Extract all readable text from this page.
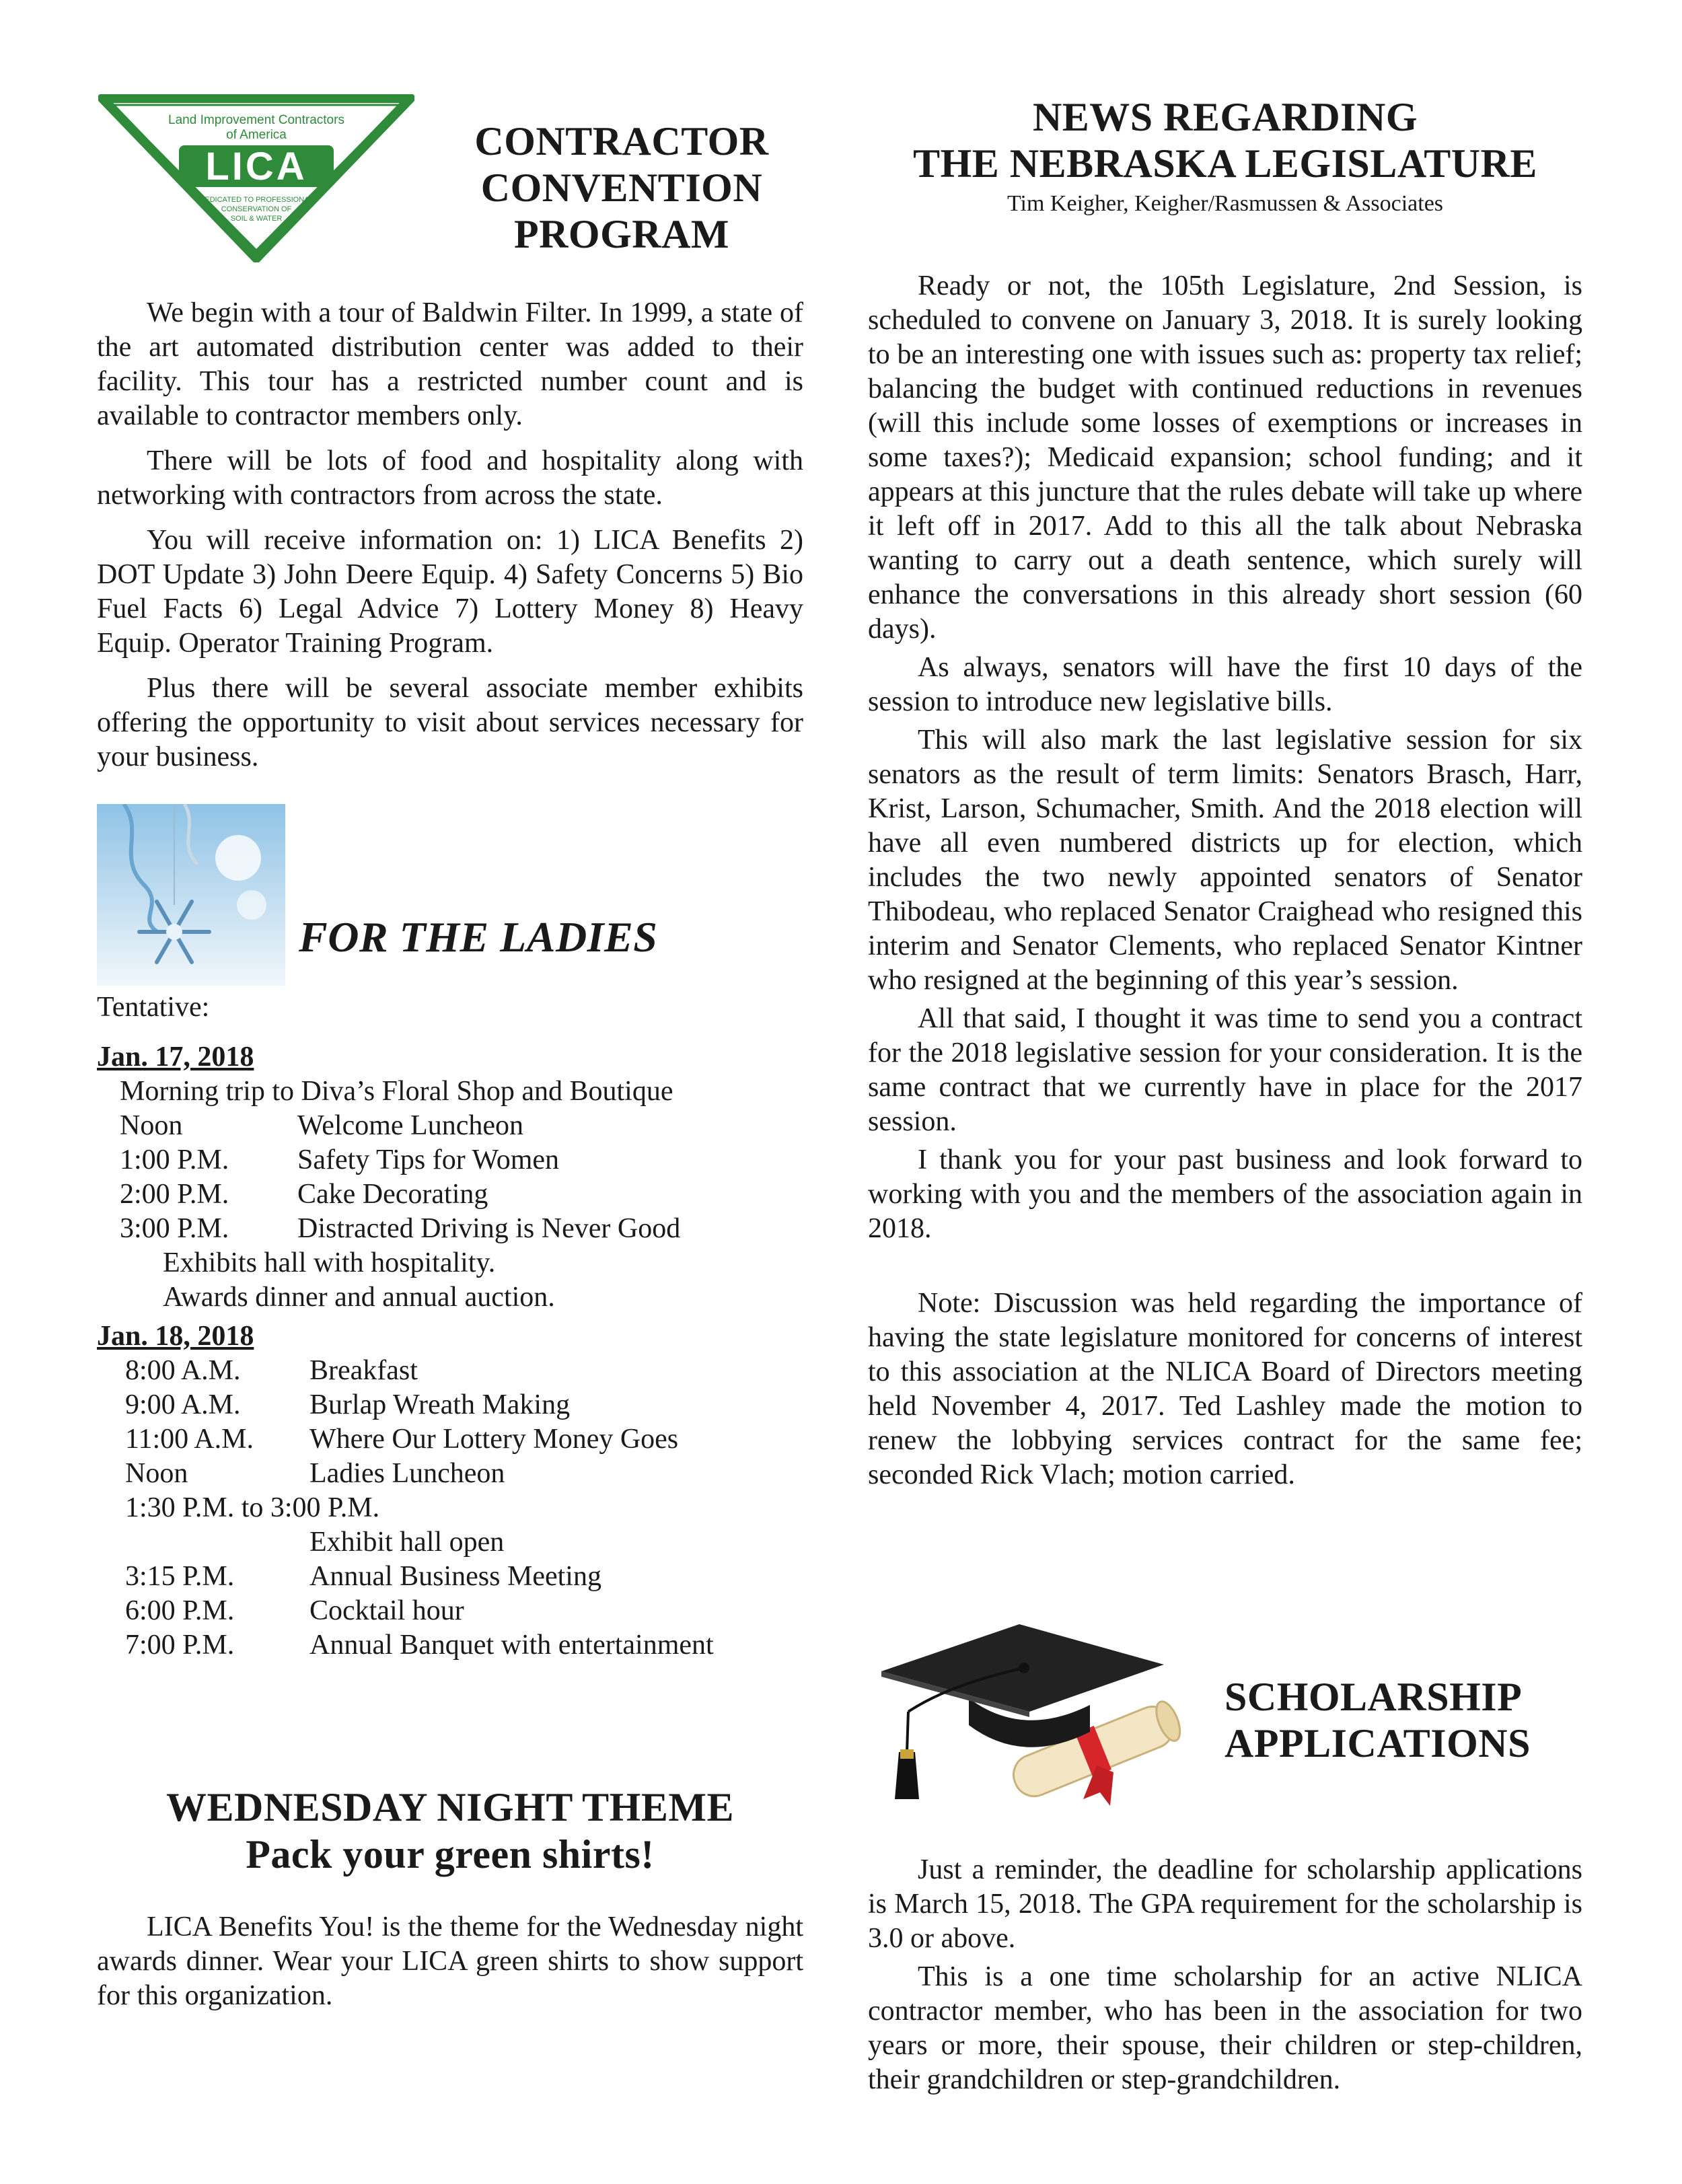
Land Improvement Contractors
of America
LICA
DEDICATED TO PROFESSIONAL
CONSERVATION OF
SOIL & WATER
CONTRACTOR
CONVENTION
PROGRAM

We begin with a tour of Baldwin Filter. In 1999, a state of the art automated distribution center was added to their facility. This tour has a restricted number count and is available to contractor members only.

There will be lots of food and hospitality along with networking with contractors from across the state.

You will receive information on: 1) LICA Benefits 2) DOT Update 3) John Deere Equip. 4) Safety Concerns 5) Bio Fuel Facts 6) Legal Advice 7) Lottery Money 8) Heavy Equip. Operator Training Program.

Plus there will be several associate member exhibits offering the opportunity to visit about services necessary for your business.

FOR THE LADIES
Tentative:
Jan. 17, 2018
Morning trip to Diva’s Floral Shop and Boutique
Noon	Welcome Luncheon
1:00 P.M. Safety Tips for Women
2:00 P.M. Cake Decorating
3:00 P.M. Distracted Driving is Never Good
Exhibits hall with hospitality.
Awards dinner and annual auction.
Jan. 18, 2018
8:00 A.M. Breakfast
9:00 A.M. Burlap Wreath Making
11:00 A.M. Where Our Lottery Money Goes
Noon	Ladies Luncheon
1:30 P.M. to 3:00 P.M.
Exhibit hall open
3:15 P.M.	Annual Business Meeting
6:00 P.M.	Cocktail hour
7:00 P.M.	Annual Banquet with entertainment
WEDNESDAY NIGHT THEME
Pack your green shirts!

LICA Benefits You! is the theme for the Wednesday night awards dinner. Wear your LICA green shirts to show support for this organization.

NEWS REGARDING
THE NEBRASKA LEGISLATURE
Tim Keigher, Keigher/Rasmussen & Associates

Ready or not, the 105th Legislature, 2nd Session, is scheduled to convene on January 3, 2018. It is surely looking to be an interesting one with issues such as: property tax relief; balancing the budget with continued reductions in revenues (will this include some losses of exemptions or increases in some taxes?); Medicaid expansion; school funding; and it appears at this juncture that the rules debate will take up where it left off in 2017. Add to this all the talk about Nebraska wanting to carry out a death sentence, which surely will enhance the conversations in this already short session (60 days).

As always, senators will have the first 10 days of the session to introduce new legislative bills.

This will also mark the last legislative session for six senators as the result of term limits: Senators Brasch, Harr, Krist, Larson, Schumacher, Smith. And the 2018 election will have all even numbered districts up for election, which includes the two newly appointed senators of Senator Thibodeau, who replaced Senator Craighead who resigned this interim and Senator Clements, who replaced Senator Kintner who resigned at the beginning of this year’s session.

All that said, I thought it was time to send you a contract for the 2018 legislative session for your consideration. It is the same contract that we currently have in place for the 2017 session.

I thank you for your past business and look forward to working with you and the members of the association again in 2018.

Note: Discussion was held regarding the importance of having the state legislature monitored for concerns of interest to this association at the NLICA Board of Directors meeting held November 4, 2017. Ted Lashley made the motion to renew the lobbying services contract for the same fee; seconded Rick Vlach; motion carried.

SCHOLARSHIP
APPLICATIONS

Just a reminder, the deadline for scholarship applications is March 15, 2018. The GPA requirement for the scholarship is 3.0 or above.

This is a one time scholarship for an active NLICA contractor member, who has been in the association for two years or more, their spouse, their children or step-children, their grandchildren or step-grandchildren.
